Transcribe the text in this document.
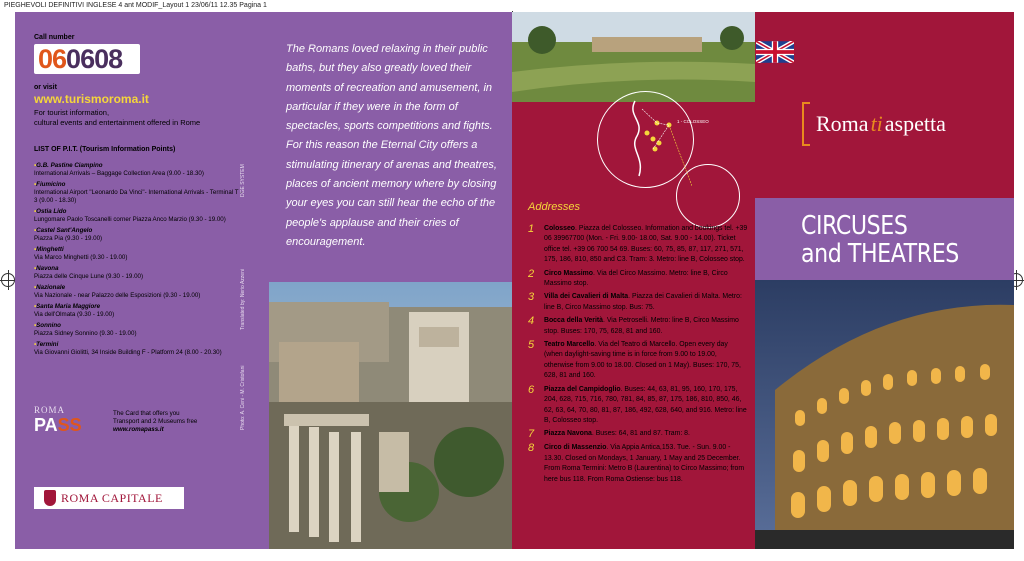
PIEGHEVOLI DEFINITIVI INGLESE 4 ant MODIF_Layout 1 23/06/11 12.35 Pagina 1
Call number
060608
or visit
www.turismoroma.it
For tourist information,
cultural events and entertainment offered in Rome
LIST OF P.I.T. (Tourism Information Points)
• G.B. Pastine Ciampino
International Arrivals – Baggage Collection Area (9.00 - 18.30)
• Fiumicino
International Airport "Leonardo Da Vinci"- International Arrivals - Terminal T - 3 (9.00 - 18.30)
• Ostia Lido
Lungomare Paolo Toscanelli corner Piazza Anco Marzio (9.30 - 19.00)
• Castel Sant'Angelo
Piazza Pia (9.30 - 19.00)
• Minghetti
Via Marco Minghetti (9.30 - 19.00)
• Navona
Piazza delle Cinque Lune (9.30 - 19.00)
• Nazionale
Via Nazionale - near Palazzo delle Esposizioni (9.30 - 19.00)
• Santa Maria Maggiore
Via dell'Olmata (9.30 - 19.00)
• Sonnino
Piazza Sidney Sonnino (9.30 - 19.00)
• Termini
Via Giovanni Giolitti, 34 Inside Building F - Platform 24 (8.00 - 20.30)
DGE SYSTEM
Translated by: Nerio Azzeni
Photo: A. Ceni - M. Cristofani
ROMA
PASS
The Card that offers you
Transport and 2 Museums free
www.romapass.it
ROMA CAPITALE
The Romans loved relaxing in their public baths, but they also greatly loved their moments of recreation and amusement, in particular if they were in the form of spectacles, sports competitions and fights. For this reason the Eternal City offers a stimulating itinerary of arenas and theatres, places of ancient memory where by closing your eyes you can still hear the echo of the people's applause and their cries of encouragement.
1 - COLOSSEO
Addresses
1	Colosseo. Piazza del Colosseo. Information and bookings tel. +39 06 39967700 (Mon. - Fri. 9.00- 18.00, Sat. 9.00 - 14.00). Ticket office tel. +39 06 700 54 69. Buses: 60, 75, 85, 87, 117, 271, 571, 175, 186, 810, 850 and C3. Tram: 3. Metro: line B, Colosseo stop.
2	Circo Massimo. Via del Circo Massimo. Metro: line B, Circo Massimo stop.
3	Villa dei Cavalieri di Malta. Piazza dei Cavalieri di Malta. Metro: line B, Circo Massimo stop. Bus: 75.
4	Bocca della Verità. Via Petroselli. Metro: line B, Circo Massimo stop. Buses: 170, 75, 628, 81 and 160.
5	Teatro Marcello. Via del Teatro di Marcello. Open every day (when daylight-saving time is in force from 9.00 to 19.00, otherwise from 9.00 to 18.00. Closed on 1 May). Buses: 170, 75, 628, 81 and 160.
6	Piazza del Campidoglio. Buses: 44, 63, 81, 95, 160, 170, 175, 204, 628, 715, 716, 780, 781, 84, 85, 87, 175, 186, 810, 850, 46, 62, 63, 64, 70, 80, 81, 87, 186, 492, 628, 640, and 916. Metro: line B, Colosseo stop.
7	Piazza Navona. Buses: 64, 81 and 87. Tram: 8.
8	Circo di Massenzio. Via Appia Antica,153. Tue. - Sun. 9.00 - 13.30. Closed on Mondays, 1 January, 1 May and 25 December. From Roma Termini: Metro B (Laurentina) to Circo Massimo; from here bus 118. From Roma Ostiense: bus 118.
Roma ti aspetta
CIRCUSES
and THEATRES
